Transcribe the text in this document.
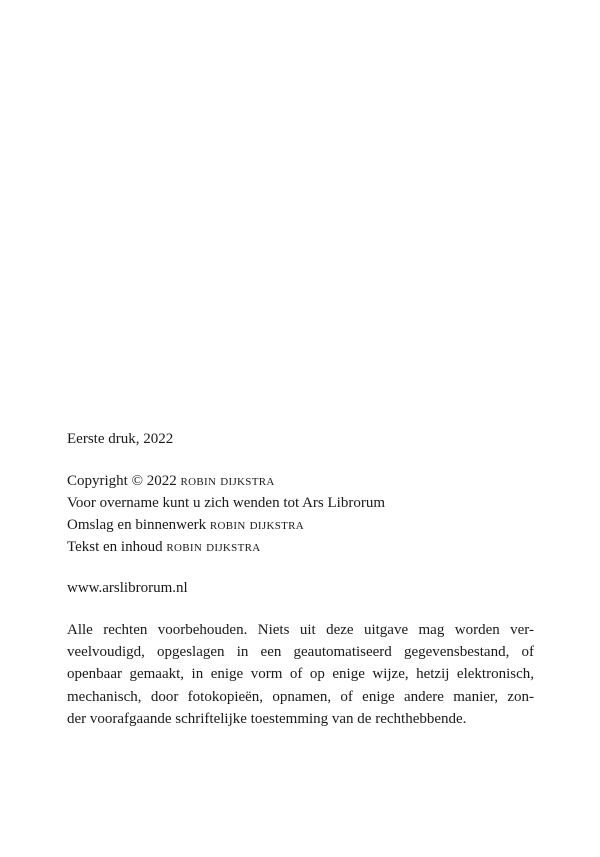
Eerste druk, 2022
Copyright © 2022 robin dijkstra
Voor overname kunt u zich wenden tot Ars Librorum
Omslag en binnenwerk robin dijkstra
Tekst en inhoud robin dijkstra
www.arslibrorum.nl

Alle rechten voorbehouden. Niets uit deze uitgave mag worden ver-
veelvoudigd, opgeslagen in een geautomatiseerd gegevensbestand, of
openbaar gemaakt, in enige vorm of op enige wijze, hetzij elektronisch,
mechanisch, door fotokopieën, opnamen, of enige andere manier, zon-
der voorafgaande schriftelijke toestemming van de rechthebbende.
